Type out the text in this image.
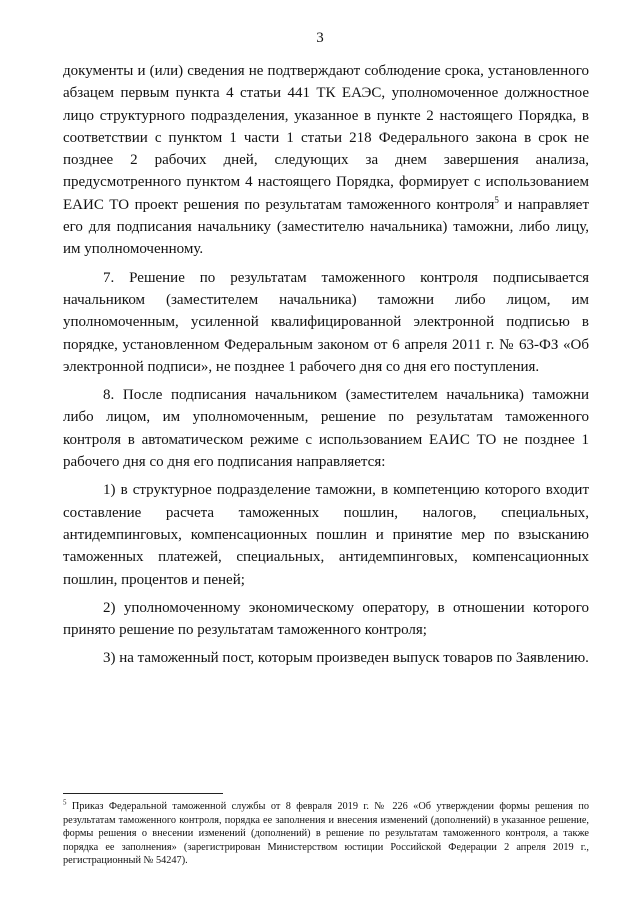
3

документы и (или) сведения не подтверждают соблюдение срока, установленного абзацем первым пункта 4 статьи 441 ТК ЕАЭС, уполномоченное должностное лицо структурного подразделения, указанное в пункте 2 настоящего Порядка, в соответствии с пунктом 1 части 1 статьи 218 Федерального закона в срок не позднее 2 рабочих дней, следующих за днем завершения анализа, предусмотренного пунктом 4 настоящего Порядка, формирует с использованием ЕАИС ТО проект решения по результатам таможенного контроля$^5$ и направляет его для подписания начальнику (заместителю начальника) таможни, либо лицу, им уполномоченному.

7. Решение по результатам таможенного контроля подписывается начальником (заместителем начальника) таможни либо лицом, им уполномоченным, усиленной квалифицированной электронной подписью в порядке, установленном Федеральным законом от 6 апреля 2011 г. № 63-ФЗ «Об электронной подписи», не позднее 1 рабочего дня со дня его поступления.

8. После подписания начальником (заместителем начальника) таможни либо лицом, им уполномоченным, решение по результатам таможенного контроля в автоматическом режиме с использованием ЕАИС ТО не позднее 1 рабочего дня со дня его подписания направляется:

1) в структурное подразделение таможни, в компетенцию которого входит составление расчета таможенных пошлин, налогов, специальных, антидемпинговых, компенсационных пошлин и принятие мер по взысканию таможенных платежей, специальных, антидемпинговых, компенсационных пошлин, процентов и пеней;

2) уполномоченному экономическому оператору, в отношении которого принято решение по результатам таможенного контроля;

3) на таможенный пост, которым произведен выпуск товаров по Заявлению.

$^5$ Приказ Федеральной таможенной службы от 8 февраля 2019 г. № 226 «Об утверждении формы решения по результатам таможенного контроля, порядка ее заполнения и внесения изменений (дополнений) в указанное решение, формы решения о внесении изменений (дополнений) в решение по результатам таможенного контроля, а также порядка ее заполнения» (зарегистрирован Министерством юстиции Российской Федерации 2 апреля 2019 г., регистрационный № 54247).
